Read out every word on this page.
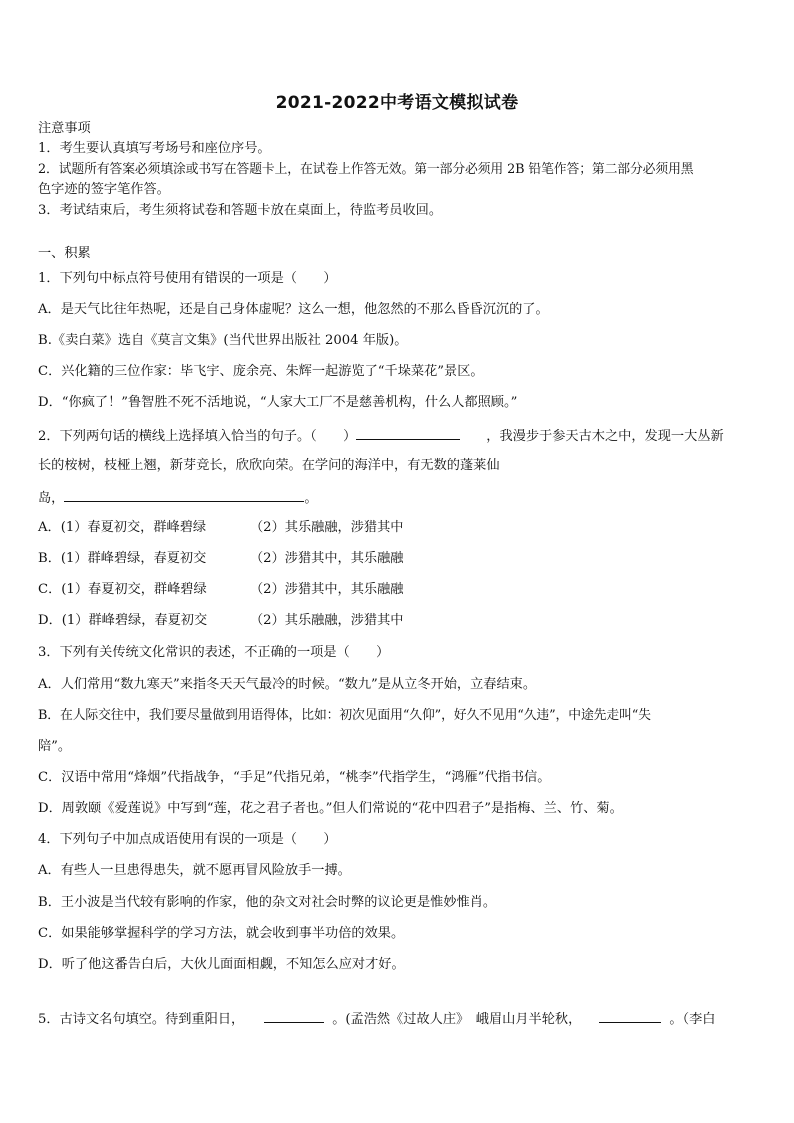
2021-2022中考语文模拟试卷
注意事项
1．考生要认真填写考场号和座位序号。
2．试题所有答案必须填涂或书写在答题卡上，在试卷上作答无效。第一部分必须用 2B 铅笔作答；第二部分必须用黑
色字迹的签字笔作答。
3．考试结束后，考生须将试卷和答题卡放在桌面上，待监考员收回。
一、积累
1．下列句中标点符号使用有错误的一项是（　　）
A．是天气比往年热呢，还是自己身体虚呢？这么一想，他忽然的不那么昏昏沉沉的了。
B.《卖白菜》选自《莫言文集》(当代世界出版社 2004 年版)。
C．兴化籍的三位作家：毕飞宇、庞余亮、朱辉一起游览了“千垛菜花”景区。
D．“你疯了！”鲁智胜不死不活地说，“人家大工厂不是慈善机构，什么人都照顾。”
2．下列两句话的横线上选择填入恰当的句子。（　　）	，我漫步于参天古木之中，发现一大丛新
长的桉树，枝桠上翘，新芽竞长，欣欣向荣。在学问的海洋中，有无数的蓬莱仙
岛，	。
A．(1）春夏初交，群峰碧绿	（2）其乐融融，涉猎其中
B．(1）群峰碧绿，春夏初交	（2）涉猎其中，其乐融融
C．(1）春夏初交，群峰碧绿	（2）涉猎其中，其乐融融
D．(1）群峰碧绿，春夏初交	（2）其乐融融，涉猎其中
3．下列有关传统文化常识的表述，不正确的一项是（　　）
A．人们常用“数九寒天”来指冬天天气最冷的时候。“数九”是从立冬开始，立春结束。
B．在人际交往中，我们要尽量做到用语得体，比如：初次见面用“久仰”，好久不见用“久违”，中途先走叫“失
陪”。
C．汉语中常用“烽烟”代指战争，“手足”代指兄弟，“桃李”代指学生，“鸿雁”代指书信。
D．周敦颐《爱莲说》中写到“莲，花之君子者也。”但人们常说的“花中四君子”是指梅、兰、竹、菊。
4．下列句子中加点成语使用有误的一项是（　　）
A．有些人一旦患得患失，就不愿再冒风险放手一搏。
B．王小波是当代较有影响的作家，他的杂文对社会时弊的议论更是惟妙惟肖。
C．如果能够掌握科学的学习方法，就会收到事半功倍的效果。
D．听了他这番告白后，大伙儿面面相觑，不知怎么应对才好。
5．古诗文名句填空。待到重阳日，	。(孟浩然《过故人庄》　峨眉山月半轮秋，	。（李白
